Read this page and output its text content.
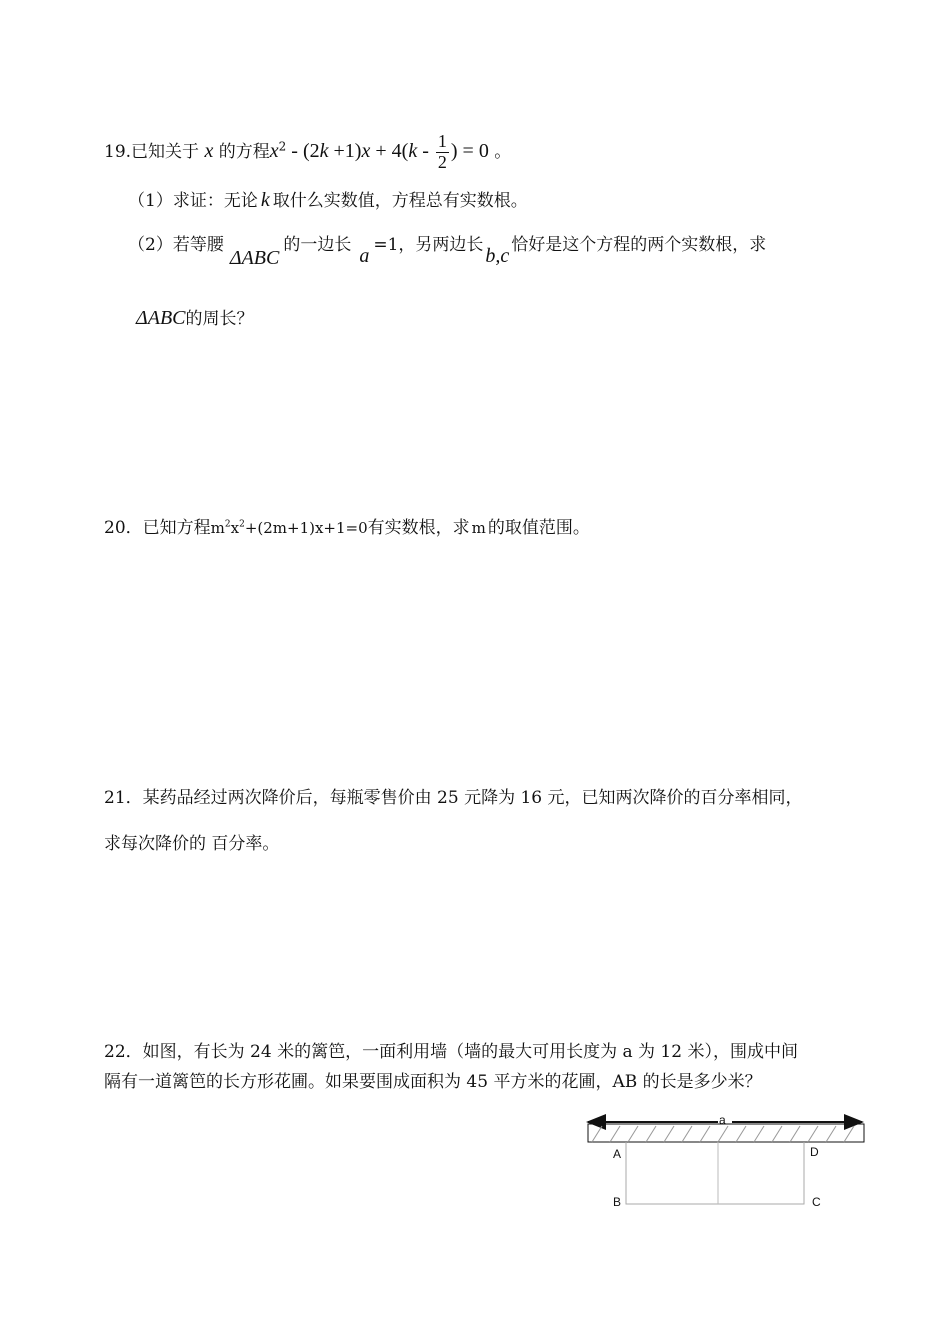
19.已知关于 x 的方程$x^2 - (2k +1)x + 4(k - \frac{1}{2}$ ) = 0 。
（1）求证：无论 k 取什么实数值，方程总有实数根。
（2）若等腰ΔABC的一边长 a =1，另两边长 b,c 恰好是这个方程的两个实数根，求
ΔABC的周长？
20．已知方程$m^2x^2+(2m+1)x+1=0$有实数根，求 m 的取值范围。
21．某药品经过两次降价后，每瓶零售价由 25 元降为 16 元，已知两次降价的百分率相同，
求每次降价的 百分率。
22．如图，有长为 24 米的篱笆，一面利用墙（墙的最大可用长度为 a 为 12 米），围成中间
隔有一道篱笆的长方形花圃。如果要围成面积为 45 平方米的花圃，AB 的长是多少米？
a
A	D
B	C
